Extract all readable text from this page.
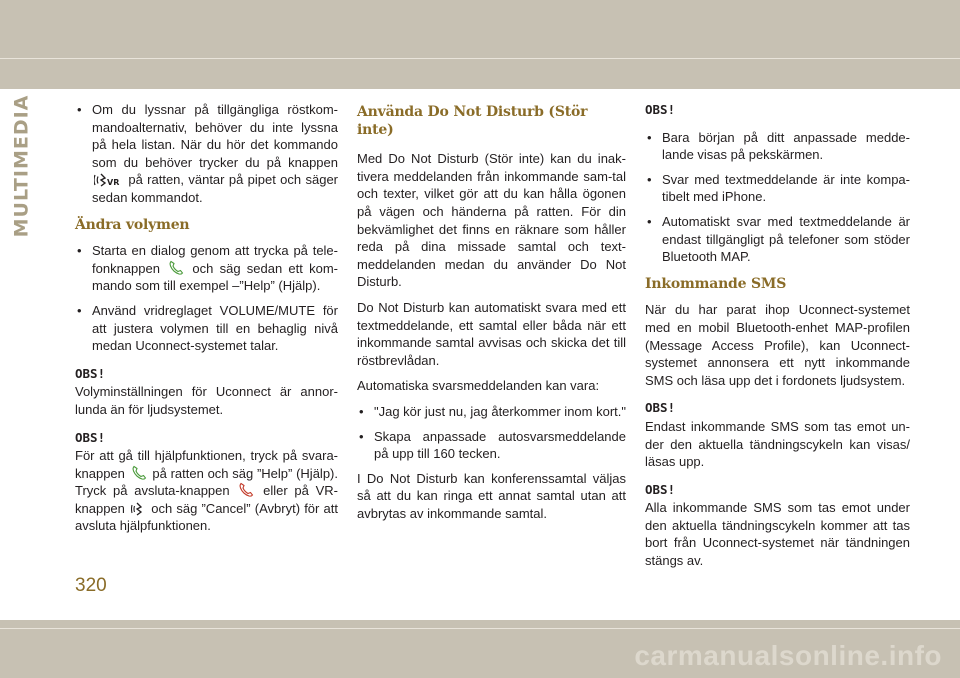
MULTIMEDIA
•	Om du lyssnar på tillgängliga röstkom-mandoalternativ, behöver du inte lyssna på hela listan. När du hör det kommando som du behöver trycker du på knappen
VR på ratten, väntar på pipet och säger sedan kommandot.
Ändra volymen
• Starta en dialog genom att trycka på tele-fonknappen och säg sedan ett kom-mando som till exempel –”Help” (Hjälp).
• Använd vridreglaget VOLUME/MUTE för att justera volymen till en behaglig nivå medan Uconnect-systemet talar.
OBS!

Volyminställningen för Uconnect är annor-lunda än för ljudsystemet.

OBS!

För att gå till hjälpfunktionen, tryck på svara-knappen på ratten och säg ”Help” (Hjälp). Tryck på avsluta-knappen	eller på VR-knappen och säg ”Cancel” (Avbryt) för att avsluta hjälpfunktionen.

Använda Do Not Disturb (Stör inte)

Med Do Not Disturb (Stör inte) kan du inak-tivera meddelanden från inkommande sam-tal och texter, vilket gör att du kan hålla ögonen på vägen och händerna på ratten. För din bekvämlighet det finns en räknare som håller reda på dina missade samtal och text-meddelanden medan du använder Do Not Disturb.

Do Not Disturb kan automatiskt svara med ett textmeddelande, ett samtal eller båda när ett inkommande samtal avvisas och skicka det till röstbrevlådan.

Automatiska svarsmeddelanden kan vara:

• "Jag kör just nu, jag återkommer inom kort."
• Skapa anpassade autosvarsmeddelande på upp till 160 tecken.

I Do Not Disturb kan konferenssamtal väljas så att du kan ringa ett annat samtal utan att avbrytas av inkommande samtal.

OBS!
• Bara början på ditt anpassade medde-lande visas på pekskärmen.
• Svar med textmeddelande är inte kompa-tibelt med iPhone.
• Automatiskt svar med textmeddelande är endast tillgängligt på telefoner som stöder Bluetooth MAP.
Inkommande SMS

När du har parat ihop Uconnect-systemet med en mobil Bluetooth-enhet MAP-profilen (Message Access Profile), kan Uconnect-systemet annonsera ett nytt inkommande SMS och läsa upp det i fordonets ljudsystem.

OBS!

Endast inkommande SMS som tas emot un-der den aktuella tändningscykeln kan visas/ läsas upp.

OBS!

Alla inkommande SMS som tas emot under den aktuella tändningscykeln kommer att tas bort från Uconnect-systemet när tändningen stängs av.

320
carmanualsonline.info
